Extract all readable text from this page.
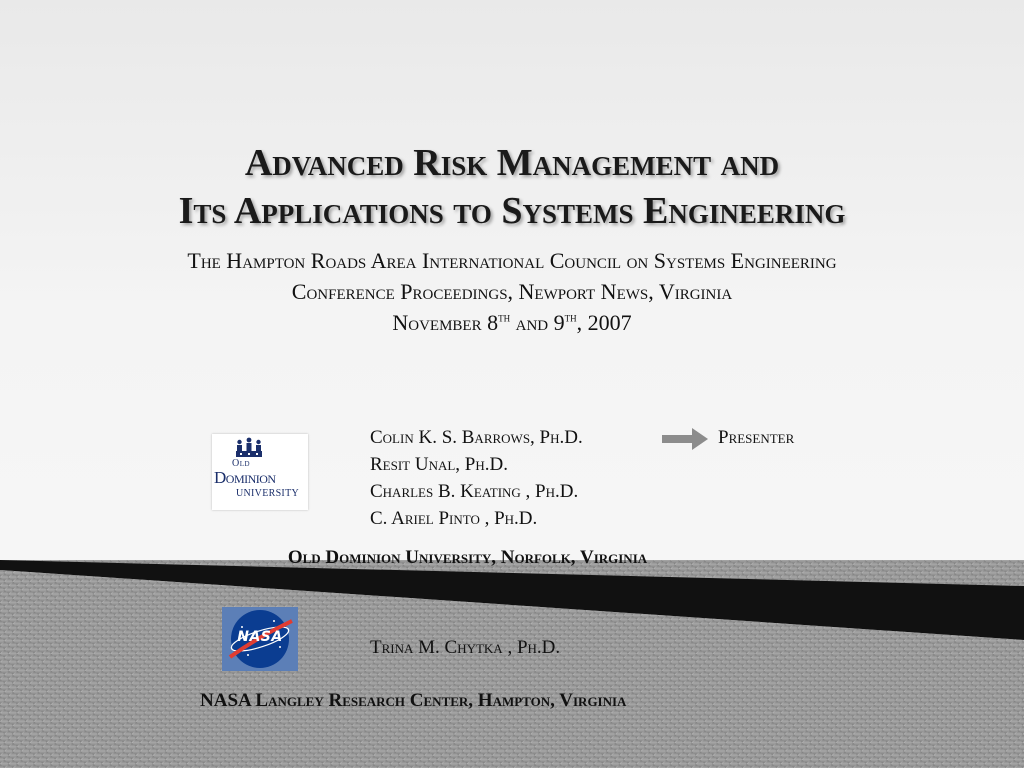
Advanced Risk Management and
Its Applications to Systems Engineering
The Hampton Roads Area International Council on Systems Engineering
Conference Proceedings, Newport News, Virginia
November 8th and 9th, 2007
Old
Dominion
UNIVERSITY
Colin K. S. Barrows, Ph.D.	Presenter
Resit Unal, Ph.D.
Charles B. Keating , Ph.D.
C. Ariel Pinto , Ph.D.
Old Dominion University, Norfolk, Virginia
NASA	Trina M. Chytka , Ph.D.
NASA Langley Research Center, Hampton, Virginia
